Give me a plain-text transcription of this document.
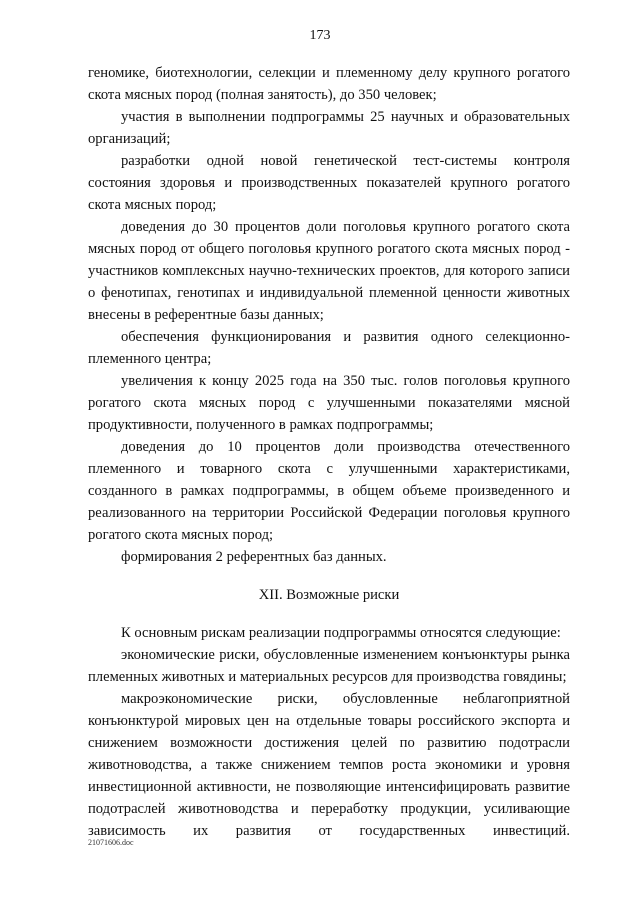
173

геномике, биотехнологии, селекции и племенному делу крупного рогатого скота мясных пород (полная занятость), до 350 человек;

участия в выполнении подпрограммы 25 научных и образовательных организаций;

разработки одной новой генетической тест-системы контроля состояния здоровья и производственных показателей крупного рогатого скота мясных пород;

доведения до 30 процентов доли поголовья крупного рогатого скота мясных пород от общего поголовья крупного рогатого скота мясных пород - участников комплексных научно-технических проектов, для которого записи о фенотипах, генотипах и индивидуальной племенной ценности животных внесены в референтные базы данных;

обеспечения функционирования и развития одного селекционно-племенного центра;

увеличения к концу 2025 года на 350 тыс. голов поголовья крупного рогатого скота мясных пород с улучшенными показателями мясной продуктивности, полученного в рамках подпрограммы;

доведения до 10 процентов доли производства отечественного племенного и товарного скота с улучшенными характеристиками, созданного в рамках подпрограммы, в общем объеме произведенного и реализованного на территории Российской Федерации поголовья крупного рогатого скота мясных пород;

формирования 2 референтных баз данных.

XII. Возможные риски

К основным рискам реализации подпрограммы относятся следующие:

экономические риски, обусловленные изменением конъюнктуры рынка племенных животных и материальных ресурсов для производства говядины;

макроэкономические риски, обусловленные неблагоприятной конъюнктурой мировых цен на отдельные товары российского экспорта и снижением возможности достижения целей по развитию подотрасли животноводства, а также снижением темпов роста экономики и уровня инвестиционной активности, не позволяющие интенсифицировать развитие подотраслей животноводства и переработку продукции, усиливающие зависимость их развития от государственных инвестиций.

21071606.doc
